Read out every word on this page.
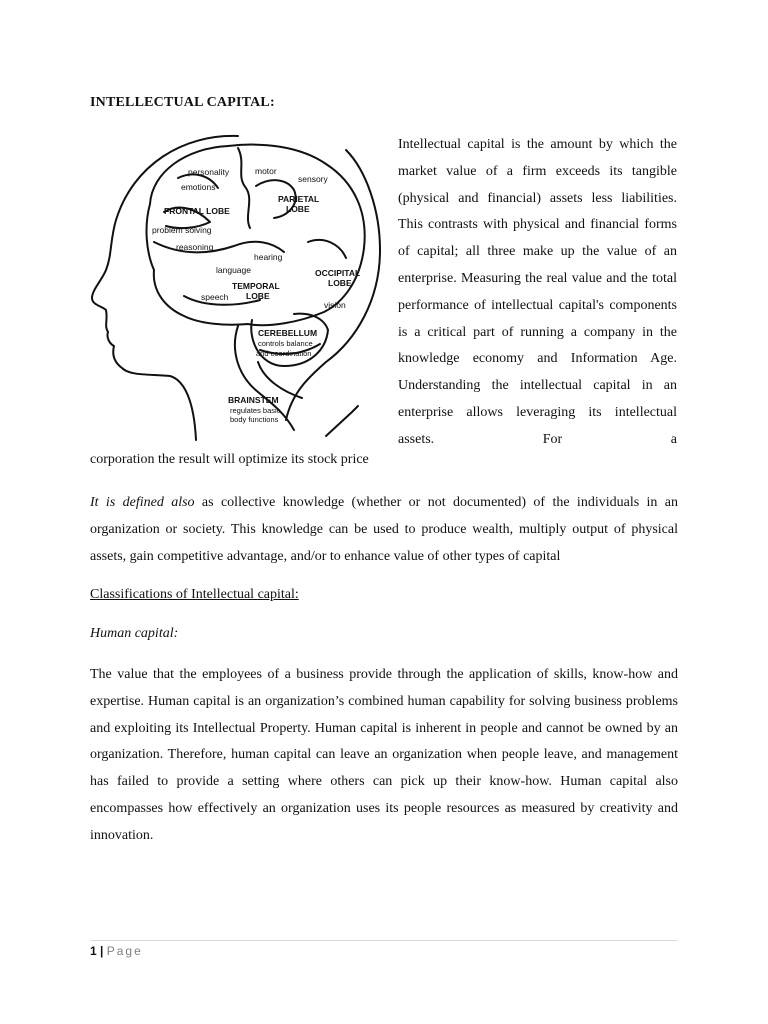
INTELLECTUAL CAPITAL:
personality
emotions
motor
sensory
FRONTAL LOBE
PARIETAL
LOBE
problem solving
reasoning
hearing
language	OCCIPITAL
LOBE
TEMPORAL
LOBE
speech
vision
CEREBELLUM
controls balance
and coordination
BRAINSTEM
regulates basic
body functions
Intellectual capital is the amount by which the market value of a firm exceeds its tangible (physical and financial) assets less liabilities. This contrasts with physical and financial forms of capital; all three make up the value of an enterprise. Measuring the real value and the total performance of intellectual capital's components is a critical part of running a company in the knowledge economy and Information Age. Understanding the intellectual capital in an enterprise allows leveraging its intellectual assets. For a
corporation the result will optimize its stock price
It is defined also as collective knowledge (whether or not documented) of the individuals in an organization or society. This knowledge can be used to produce wealth, multiply output of physical assets, gain competitive advantage, and/or to enhance value of other types of capital
Classifications of Intellectual capital:
Human capital:
The value that the employees of a business provide through the application of skills, know-how and expertise. Human capital is an organization’s combined human capability for solving business problems and exploiting its Intellectual Property. Human capital is inherent in people and cannot be owned by an organization. Therefore, human capital can leave an organization when people leave, and management has failed to provide a setting where others can pick up their know-how. Human capital also encompasses how effectively an organization uses its people resources as measured by creativity and innovation.
1 | Page
